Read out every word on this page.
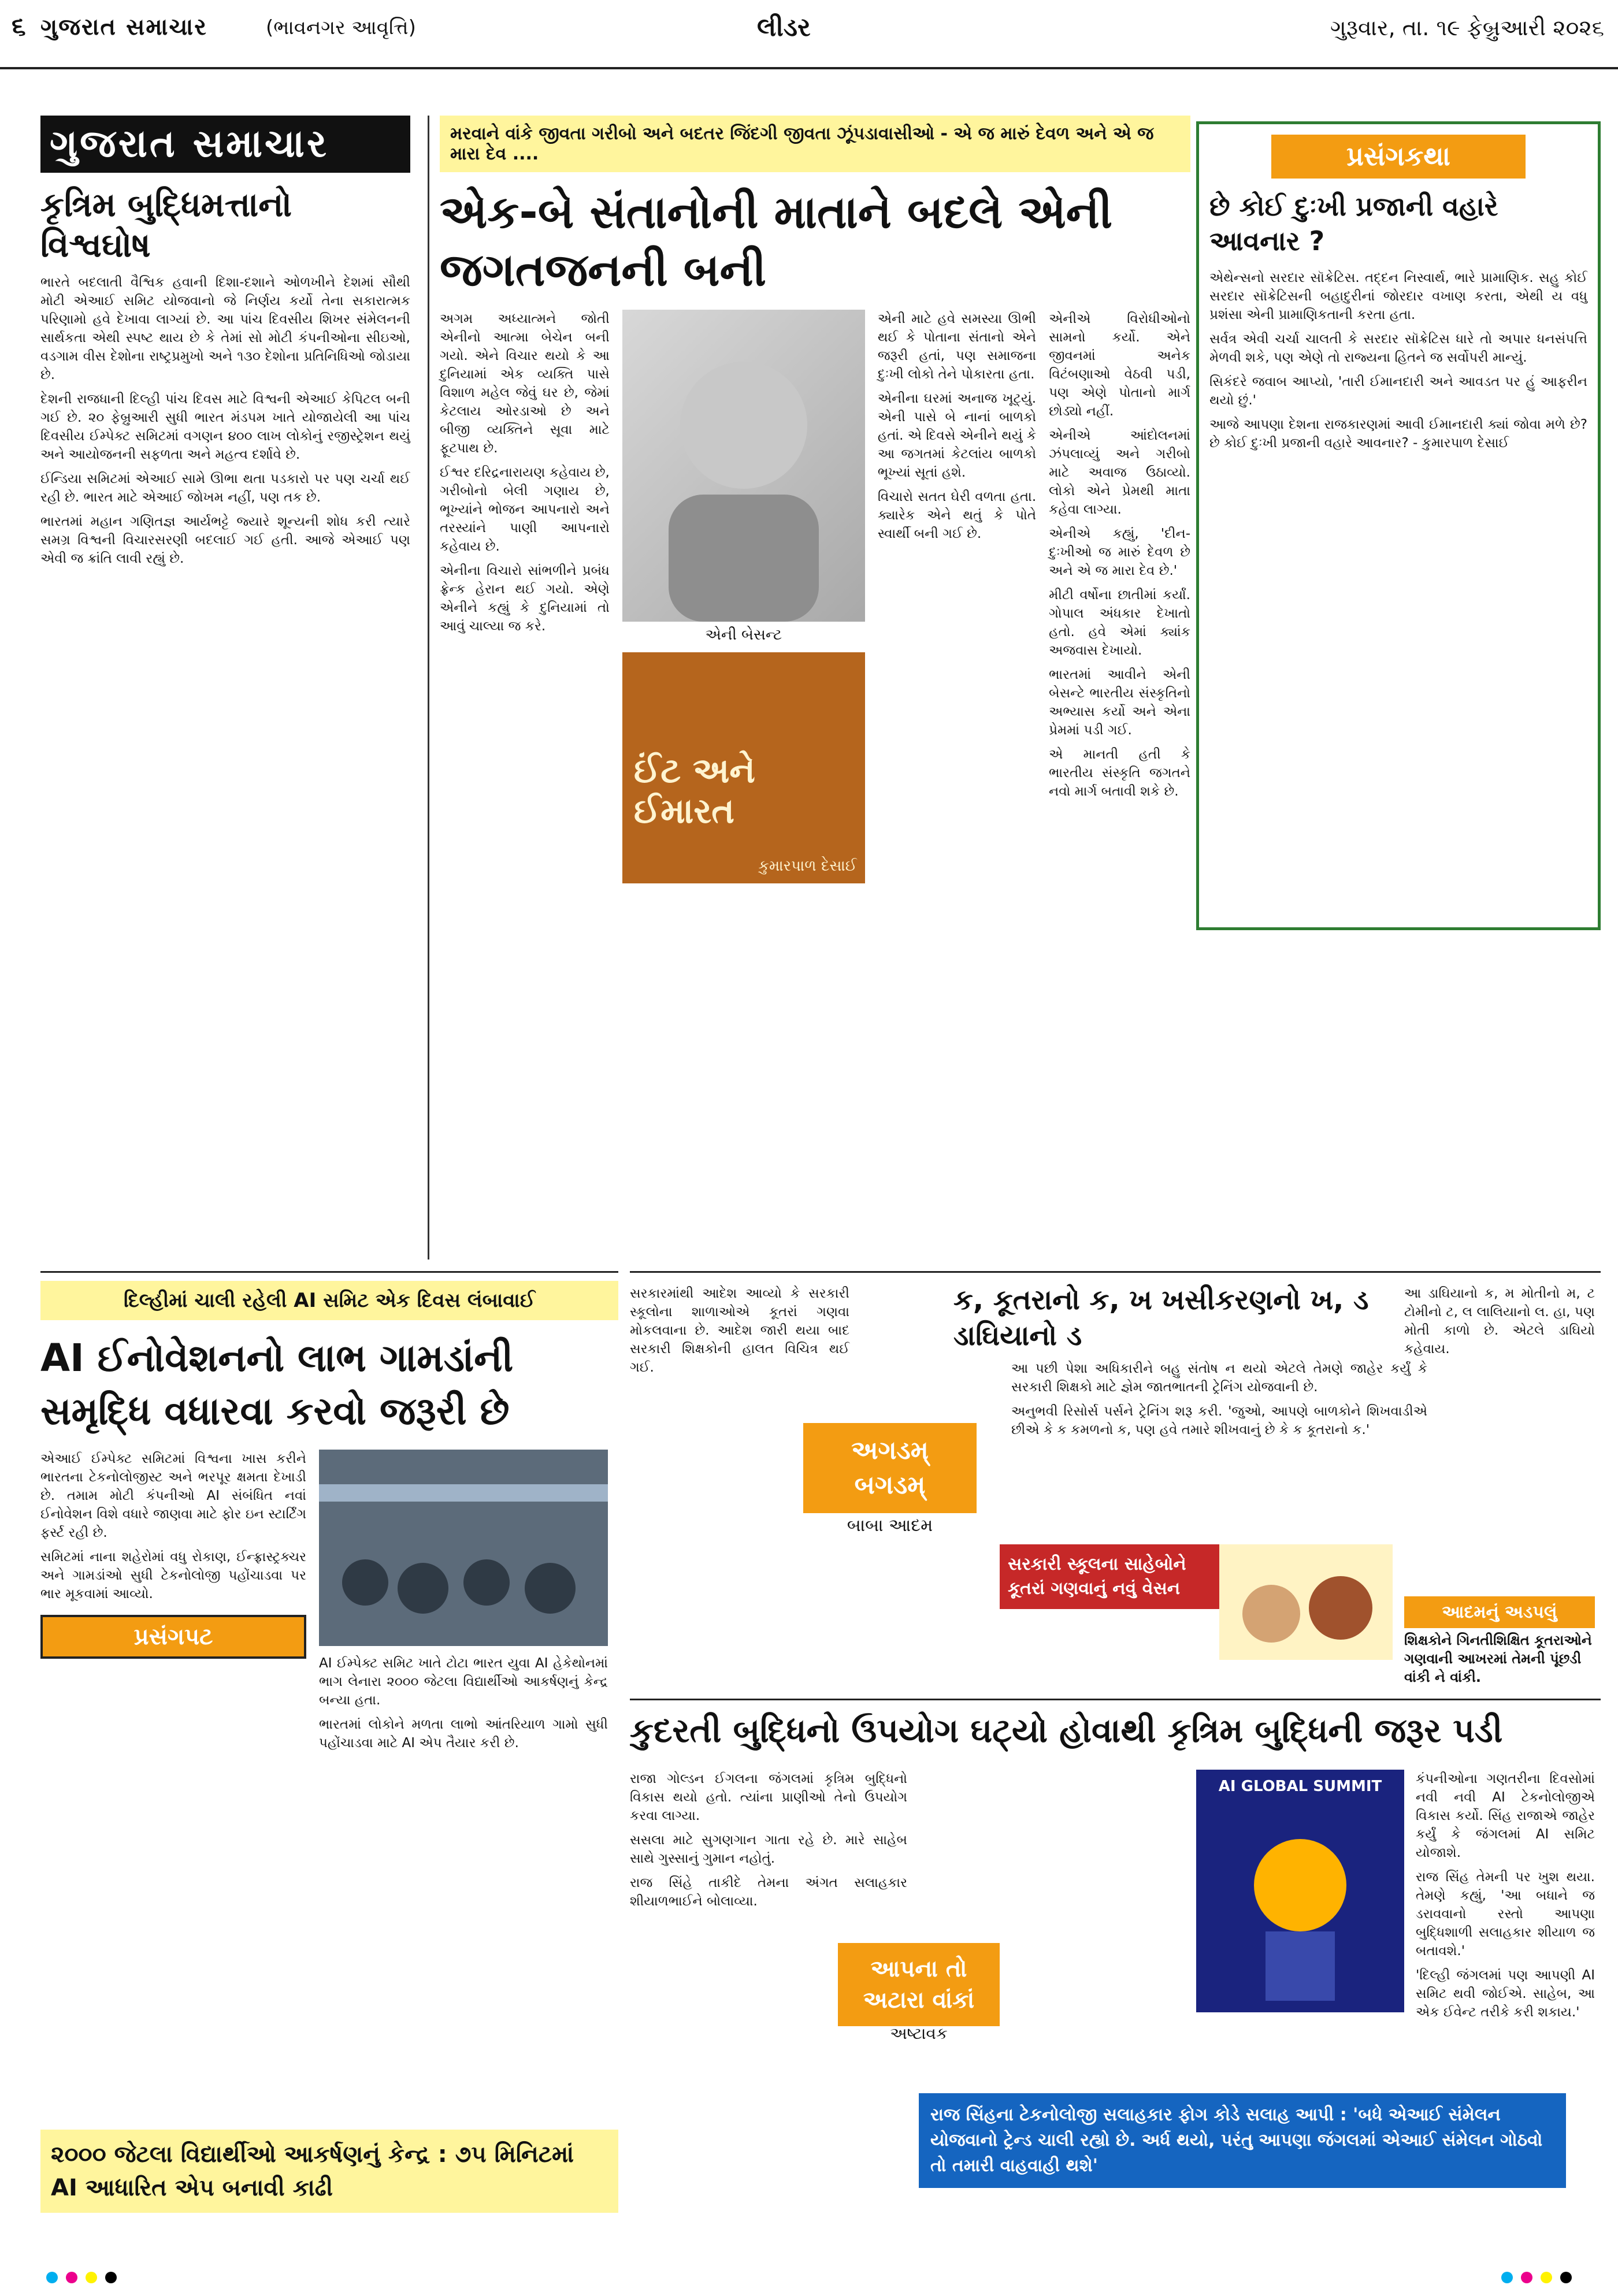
૬ ગુજરાત સમાચાર	(ભાવનગર આવૃત્તિ)	લીડર	ગુરૂવાર, તા. ૧૯ ફેબ્રુઆરી ૨૦૨૬
ગુજરાત સમાચાર
કૃત્રિમ બુદ્ધિમત્તાનો વિશ્વઘોષ

ભારતે બદલાતી વૈશ્વિક હવાની દિશા-દશાને ઓળખીને દેશમાં સૌથી મોટી એઆઈ સમિટ યોજવાનો જે નિર્ણય કર્યો તેના સકારાત્મક પરિણામો હવે દેખાવા લાગ્યાં છે. આ પાંચ દિવસીય શિખર સંમેલનની સાર્થકતા એથી સ્પષ્ટ થાય છે કે તેમાં સો મોટી કંપનીઓના સીઇઓ, વડગામ વીસ દેશોના રાષ્ટ્રપ્રમુખો અને ૧૩૦ દેશોના પ્રતિનિધિઓ જોડાયા છે.

દેશની રાજધાની દિલ્હી પાંચ દિવસ માટે વિશ્વની એઆઈ કેપિટલ બની ગઈ છે. ૨૦ ફેબ્રુઆરી સુધી ભારત મંડપમ ખાતે યોજાયેલી આ પાંચ દિવસીય ઈમ્પેક્ટ સમિટમાં વગણન ૪૦૦ લાખ લોકોનું રજીસ્ટ્રેશન થયું અને આયોજનની સફળતા અને મહત્વ દર્શાવે છે.

ઈન્ડિયા સમિટમાં એઆઈ સામે ઊભા થતા પડકારો પર પણ ચર્ચા થઈ રહી છે. ભારત માટે એઆઈ જોખમ નહીં, પણ તક છે.

ભારતમાં મહાન ગણિતજ્ઞ આર્યભટ્ટે જ્યારે શૂન્યની શોધ કરી ત્યારે સમગ્ર વિશ્વની વિચારસરણી બદલાઈ ગઈ હતી. આજે એઆઈ પણ એવી જ ક્રાંતિ લાવી રહ્યું છે.

મરવાને વાંકે જીવતા ગરીબો અને બદતર જિંદગી જીવતા ઝૂંપડાવાસીઓ - એ જ મારું દેવળ અને એ જ મારા દેવ ....
એક-બે સંતાનોની માતાને બદલે એની જગતજનની બની

અગમ અધ્યાત્મને જોતી એનીનો આત્મા બેચેન બની ગયો. એને વિચાર થયો કે આ દુનિયામાં એક વ્યક્તિ પાસે વિશાળ મહેલ જેવું ઘર છે, જેમાં કેટલાય ઓરડાઓ છે અને બીજી વ્યક્તિને સૂવા માટે ફૂટપાથ છે.

ઈશ્વર દરિદ્રનારાયણ કહેવાય છે, ગરીબોનો બેલી ગણાય છે, ભૂખ્યાંને ભોજન આપનારો અને તરસ્યાંને પાણી આપનારો કહેવાય છે.

એનીના વિચારો સાંભળીને પ્રબંધ ફ્રેન્ક હેરાન થઈ ગયો. એણે એનીને કહ્યું કે દુનિયામાં તો આવું ચાલ્યા જ કરે.	એની બેસન્ટ
ઈંટ અને ઈમારત
કુમારપાળ દેસાઈ

એની માટે હવે સમસ્યા ઊભી થઈ કે પોતાના સંતાનો એને જરૂરી હતાં, પણ સમાજના દુઃખી લોકો તેને પોકારતા હતા.

એનીના ઘરમાં અનાજ ખૂટ્યું. એની પાસે બે નાનાં બાળકો હતાં. એ દિવસે એનીને થયું કે આ જગતમાં કેટલાંય બાળકો ભૂખ્યાં સૂતાં હશે.

વિચારો સતત ઘેરી વળતા હતા. ક્યારેક એને થતું કે પોતે સ્વાર્થી બની ગઈ છે.

એનીએ વિરોધીઓનો સામનો કર્યો. એને જીવનમાં અનેક વિટંબણાઓ વેઠવી પડી, પણ એણે પોતાનો માર્ગ છોડ્યો નહીં.

એનીએ આંદોલનમાં ઝંપલાવ્યું અને ગરીબો માટે અવાજ ઉઠાવ્યો. લોકો એને પ્રેમથી માતા કહેવા લાગ્યા.

એનીએ કહ્યું, 'દીન-દુઃખીઓ જ મારું દેવળ છે અને એ જ મારા દેવ છે.'

મીટી વર્ષોના છાતીમાં કર્યાં. ગોપાલ અંધકાર દેખાતો હતો. હવે એમાં ક્યાંક અજવાસ દેખાયો.

ભારતમાં આવીને એની બેસન્ટે ભારતીય સંસ્કૃતિનો અભ્યાસ કર્યો અને એના પ્રેમમાં પડી ગઈ.

એ માનતી હતી કે ભારતીય સંસ્કૃતિ જગતને નવો માર્ગ બતાવી શકે છે.

પ્રસંગકથા
છે કોઈ દુઃખી પ્રજાની વહારે આવનાર ?

એથેન્સનો સરદાર સૉક્રેટિસ. તદ્દન નિસ્વાર્થ, ભારે પ્રામાણિક. સહુ કોઈ સરદાર સૉક્રેટિસની બહાદુરીનાં જોરદાર વખાણ કરતા, એથી ય વધુ પ્રશંસા એની પ્રામાણિકતાની કરતા હતા.

સર્વત્ર એવી ચર્ચા ચાલતી કે સરદાર સૉક્રેટિસ ધારે તો અપાર ધનસંપત્તિ મેળવી શકે, પણ એણે તો રાજ્યના હિતને જ સર્વોપરી માન્યું.

સિકંદરે જવાબ આપ્યો, 'તારી ઈમાનદારી અને આવડત પર હું આફરીન થયો છું.'

આજે આપણા દેશના રાજકારણમાં આવી ઈમાનદારી ક્યાં જોવા મળે છે? છે કોઈ દુઃખી પ્રજાની વહારે આવનાર? - કુમારપાળ દેસાઈ

દિલ્હીમાં ચાલી રહેલી AI સમિટ એક દિવસ લંબાવાઈ
AI ઈનોવેશનનો લાભ ગામડાંની સમૃદ્ધિ વધારવા કરવો જરૂરી છે

એઆઈ ઈમ્પેક્ટ સમિટમાં વિશ્વના ખાસ કરીને ભારતના ટેકનોલોજીસ્ટ અને ભરપૂર ક્ષમતા દેખાડી છે. તમામ મોટી કંપનીઓ AI સંબંધિત નવાં ઈનોવેશન વિશે વધારે જાણવા માટે ફોર ઇન સ્ટાર્ટિંગ ફર્સ્ટ રહી છે.

સમિટમાં નાના શહેરોમાં વધુ રોકાણ, ઈન્ફ્રાસ્ટ્રક્ચર અને ગામડાંઓ સુધી ટેકનોલોજી પહોંચાડવા પર ભાર મૂકવામાં આવ્યો.

પ્રસંગપટ

AI ઈમ્પેક્ટ સમિટ ખાતે ટોટા ભારત યુવા AI હેકેથોનમાં ભાગ લેનારા ૨૦૦૦ જેટલા વિદ્યાર્થીઓ આકર્ષણનું કેન્દ્ર બન્યા હતા.

ભારતમાં લોકોને મળતા લાભો આંતરિયાળ ગામો સુધી પહોંચાડવા માટે AI એપ તૈયાર કરી છે.

૨૦૦૦ જેટલા વિદ્યાર્થીઓ આકર્ષણનું કેન્દ્ર : ૭૫ મિનિટમાં AI આધારિત એપ બનાવી કાઢી
સરકારમાંથી આદેશ આવ્યો કે સરકારી સ્કૂલોના શાળાઓએ કૂતરાં ગણવા મોકલવાના છે. આદેશ જારી થયા બાદ સરકારી શિક્ષકોની હાલત વિચિત્ર થઈ ગઈ.
અગડમ્
બગડમ્
બાબા આદમ
ક, કૂતરાનો ક, ખ ખસીકરણનો ખ, ડ ડાઘિયાનો ડ

આ પછી પેશા અધિકારીને બહુ સંતોષ ન થયો એટલે તેમણે જાહેર કર્યું કે સરકારી શિક્ષકો માટે જ્ઞેમ જાતભાતની ટ્રેનિંગ યોજવાની છે.

અનુભવી રિસોર્સ પર્સને ટ્રેનિંગ શરૂ કરી. 'જુઓ, આપણે બાળકોને શિખવાડીએ છીએ કે ક કમળનો ક, પણ હવે તમારે શીખવાનું છે કે ક કૂતરાનો ક.'

સરકારી સ્કૂલના સાહેબોને કૂતરાં ગણવાનું નવું વેસન

આ ડાઘિયાનો ક, મ મોતીનો મ, ટ ટોમીનો ટ, લ લાલિયાનો લ. હા, પણ મોતી કાળો છે. એટલે ડાઘિયો કહેવાય.

આદમનું અડપલું
શિક્ષકોને ગિનતીશિક્ષિત કૂતરાઓને ગણવાની આખરમાં તેમની પૂંછડી વાંકી ને વાંકી.
કુદરતી બુદ્ધિનો ઉપયોગ ઘટ્યો હોવાથી કૃત્રિમ બુદ્ધિની જરૂર પડી

રાજા ગોલ્ડન ઈગલના જંગલમાં કૃત્રિમ બુદ્ધિનો વિકાસ થયો હતો. ત્યાંના પ્રાણીઓ તેનો ઉપયોગ કરવા લાગ્યા.

સસલા માટે સુગણગાન ગાતા રહે છે. મારે સાહેબ સાથે ગુસ્સાનું ગુમાન નહોતું.

રાજ સિંહે તાકીદે તેમના અંગત સલાહકાર શીયાળભાઈને બોલાવ્યા.

આપના તો
અટારા વાંકાં
અષ્ટાવક
AI GLOBAL SUMMIT	કંપનીઓના ગણતરીના દિવસોમાં નવી નવી AI ટેકનોલોજીએ વિકાસ કર્યો. સિંહ રાજાએ જાહેર કર્યું કે જંગલમાં AI સમિટ યોજાશે.

રાજ સિંહ તેમની પર ખુશ થયા. તેમણે કહ્યું, 'આ બધાને જ ડરાવવાનો રસ્તો આપણા બુદ્ધિશાળી સલાહકાર શીયાળ જ બતાવશે.'

'દિલ્હી જંગલમાં પણ આપણી AI સમિટ થવી જોઈએ. સાહેબ, આ એક ઈવેન્ટ તરીકે કરી શકાય.'

રાજ સિંહના ટેકનોલોજી સલાહકાર ફોગ કોડે સલાહ આપી : 'બધે એઆઈ સંમેલન યોજવાનો ટ્રેન્ડ ચાલી રહ્યો છે. અર્ધ થયો, પરંતુ આપણા જંગલમાં એઆઈ સંમેલન ગોઠવો તો તમારી વાહવાહી થશે'
